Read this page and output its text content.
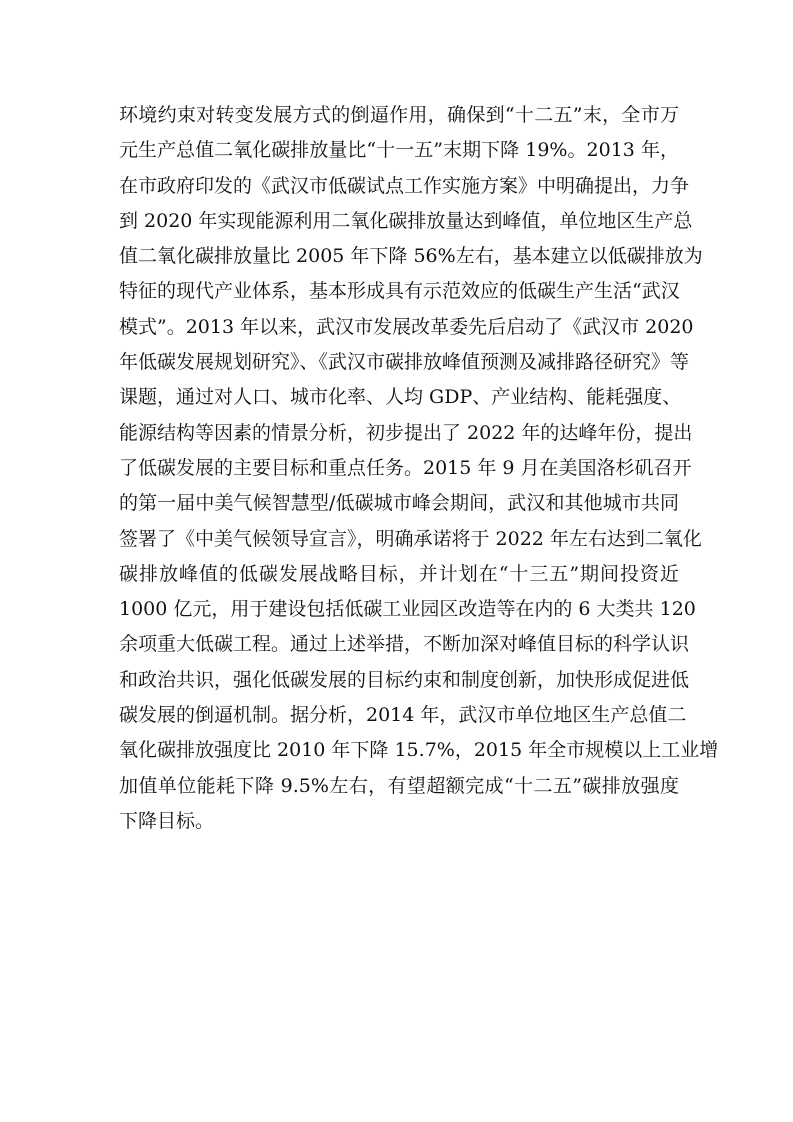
环境约束对转变发展方式的倒逼作用，确保到“十二五”末，全市万
元生产总值二氧化碳排放量比“十一五”末期下降 19%。2013 年，
在市政府印发的《武汉市低碳试点工作实施方案》中明确提出，力争
到 2020 年实现能源利用二氧化碳排放量达到峰值，单位地区生产总
值二氧化碳排放量比 2005 年下降 56%左右，基本建立以低碳排放为
特征的现代产业体系，基本形成具有示范效应的低碳生产生活“武汉
模式”。2013 年以来，武汉市发展改革委先后启动了《武汉市 2020
年低碳发展规划研究》、《武汉市碳排放峰值预测及减排路径研究》等
课题，通过对人口、城市化率、人均 GDP、产业结构、能耗强度、
能源结构等因素的情景分析，初步提出了 2022 年的达峰年份，提出
了低碳发展的主要目标和重点任务。2015 年 9 月在美国洛杉矶召开
的第一届中美气候智慧型/低碳城市峰会期间，武汉和其他城市共同
签署了《中美气候领导宣言》，明确承诺将于 2022 年左右达到二氧化
碳排放峰值的低碳发展战略目标，并计划在“十三五”期间投资近
1000 亿元，用于建设包括低碳工业园区改造等在内的 6 大类共 120
余项重大低碳工程。通过上述举措，不断加深对峰值目标的科学认识
和政治共识，强化低碳发展的目标约束和制度创新，加快形成促进低
碳发展的倒逼机制。据分析，2014 年，武汉市单位地区生产总值二
氧化碳排放强度比 2010 年下降 15.7%，2015 年全市规模以上工业增
加值单位能耗下降 9.5%左右，有望超额完成“十二五”碳排放强度
下降目标。
